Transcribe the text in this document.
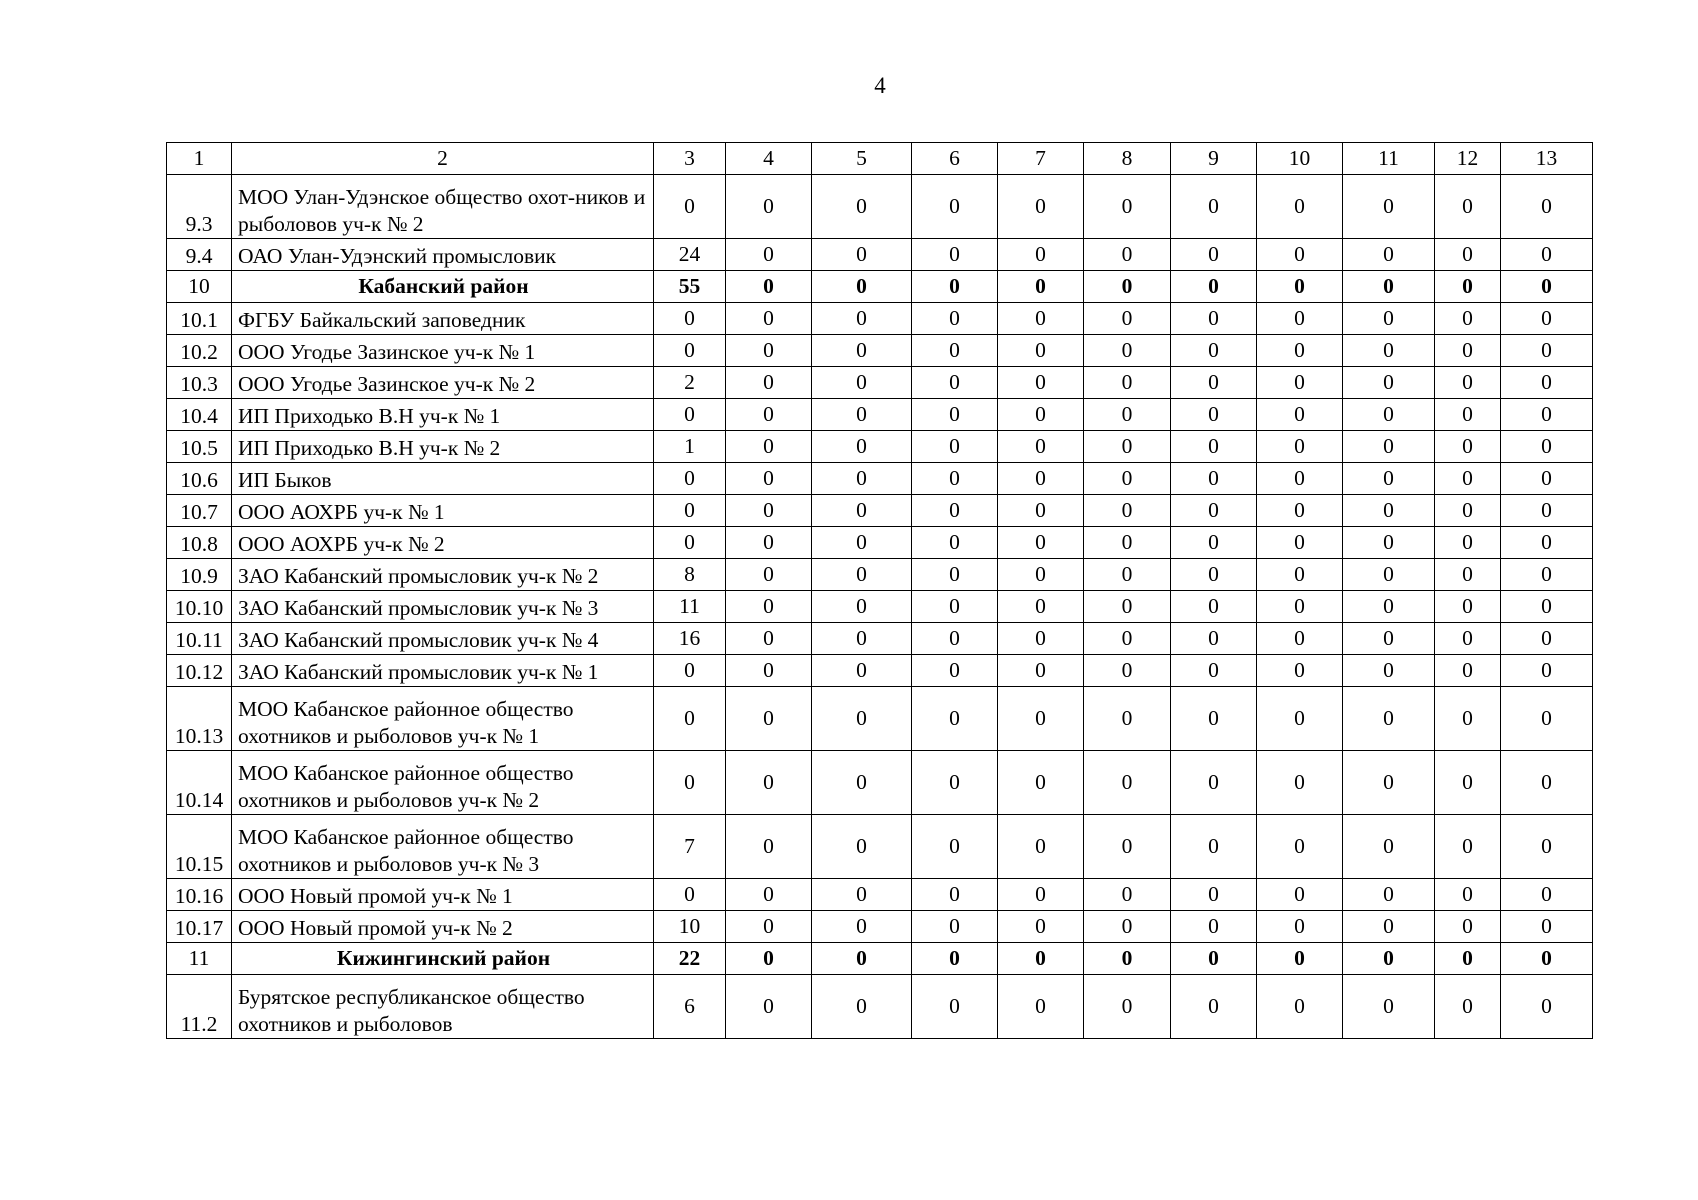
4
1	2	3	4	5	6	7	8	9	10	11	12	13
9.3	МОО Улан-Удэнское общество охот-ников и рыболовов уч-к № 2	0	0	0	0	0	0	0	0	0	0	0
9.4	ОАО Улан-Удэнский промысловик	24	0	0	0	0	0	0	0	0	0	0
10	Кабанский район	55	0	0	0	0	0	0	0	0	0	0
10.1	ФГБУ Байкальский заповедник	0	0	0	0	0	0	0	0	0	0	0
10.2	ООО Угодье Зазинское уч-к № 1	0	0	0	0	0	0	0	0	0	0	0
10.3	ООО Угодье Зазинское уч-к № 2	2	0	0	0	0	0	0	0	0	0	0
10.4	ИП Приходько В.Н уч-к № 1	0	0	0	0	0	0	0	0	0	0	0
10.5	ИП Приходько В.Н уч-к № 2	1	0	0	0	0	0	0	0	0	0	0
10.6	ИП Быков	0	0	0	0	0	0	0	0	0	0	0
10.7	ООО АОХРБ уч-к № 1	0	0	0	0	0	0	0	0	0	0	0
10.8	ООО АОХРБ уч-к № 2	0	0	0	0	0	0	0	0	0	0	0
10.9	ЗАО Кабанский промысловик уч-к № 2	8	0	0	0	0	0	0	0	0	0	0
10.10	ЗАО Кабанский промысловик уч-к № 3	11	0	0	0	0	0	0	0	0	0	0
10.11	ЗАО Кабанский промысловик уч-к № 4	16	0	0	0	0	0	0	0	0	0	0
10.12	ЗАО Кабанский промысловик уч-к № 1	0	0	0	0	0	0	0	0	0	0	0
10.13	МОО Кабанское районное общество охотников и рыболовов уч-к № 1	0	0	0	0	0	0	0	0	0	0	0
10.14	МОО Кабанское районное общество охотников и рыболовов уч-к № 2	0	0	0	0	0	0	0	0	0	0	0
10.15	МОО Кабанское районное общество охотников и рыболовов уч-к № 3	7	0	0	0	0	0	0	0	0	0	0
10.16	ООО Новый промой уч-к № 1	0	0	0	0	0	0	0	0	0	0	0
10.17	ООО Новый промой уч-к № 2	10	0	0	0	0	0	0	0	0	0	0
11	Кижингинский район	22	0	0	0	0	0	0	0	0	0	0
11.2	Бурятское республиканское общество охотников и рыболовов	6	0	0	0	0	0	0	0	0	0	0
